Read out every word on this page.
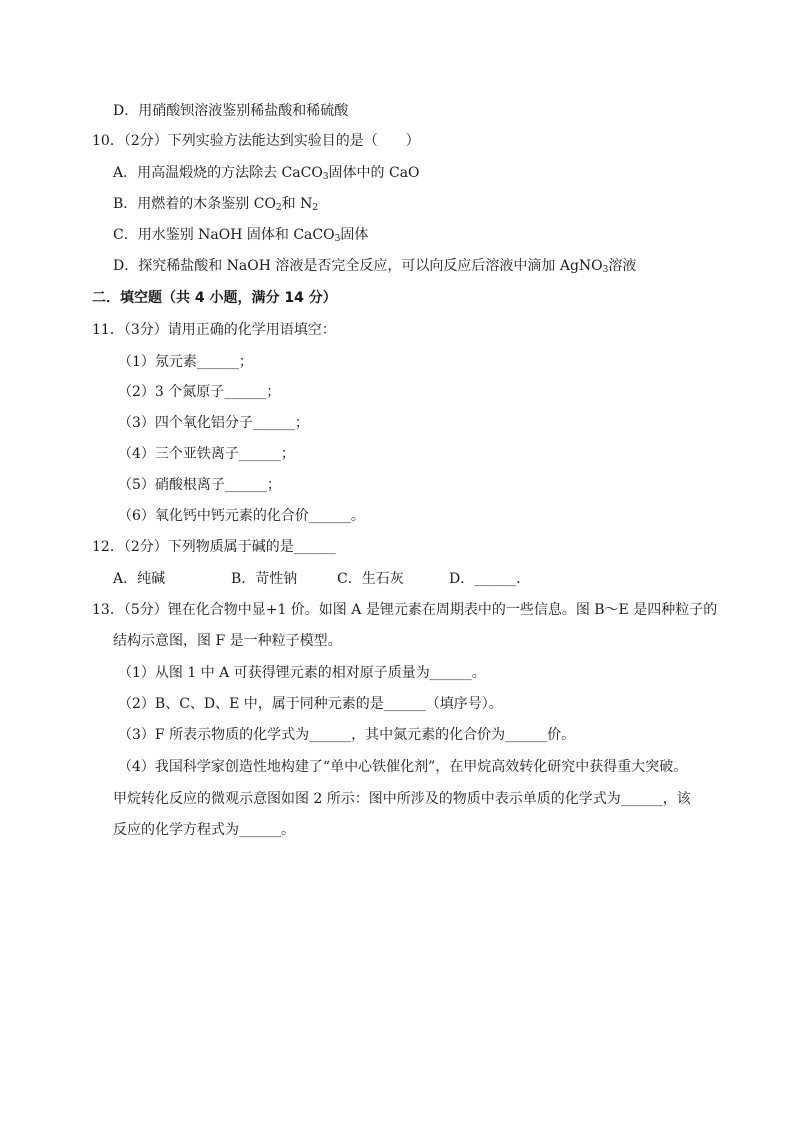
D．用硝酸钡溶液鉴别稀盐酸和稀硫酸
10．（2分）下列实验方法能达到实验目的是（　　）
A．用高温煅烧的方法除去 CaCO$_3$固体中的 CaO
B．用燃着的木条鉴别 $CO_2$和 $N_2$
C．用水鉴别 NaOH 固体和 CaCO$_3$固体
D．探究稀盐酸和 NaOH 溶液是否完全反应，可以向反应后溶液中滴加 AgNO$_3$溶液
二．填空题（共 4 小题，满分 14 分）
11．（3分）请用正确的化学用语填空：
（1）氖元素______；
（2）3 个氮原子______；
（3）四个氧化铝分子______；
（4）三个亚铁离子______；
（5）硝酸根离子______；
（6）氧化钙中钙元素的化合价______。
12．（2分）下列物质属于碱的是______
A．纯碱	B．苛性钠	C．生石灰	D．______．
13．（5分）锂在化合物中显+1 价。如图 A 是锂元素在周期表中的一些信息。图 B～E 是四种粒子的
结构示意图，图 F 是一种粒子模型。
（1）从图 1 中 A 可获得锂元素的相对原子质量为______。
（2）B、C、D、E 中，属于同种元素的是______（填序号）。
（3）F 所表示物质的化学式为______，其中氮元素的化合价为______价。
（4）我国科学家创造性地构建了“单中心铁催化剂”，在甲烷高效转化研究中获得重大突破。
甲烷转化反应的微观示意图如图 2 所示：图中所涉及的物质中表示单质的化学式为______，该
反应的化学方程式为______。
